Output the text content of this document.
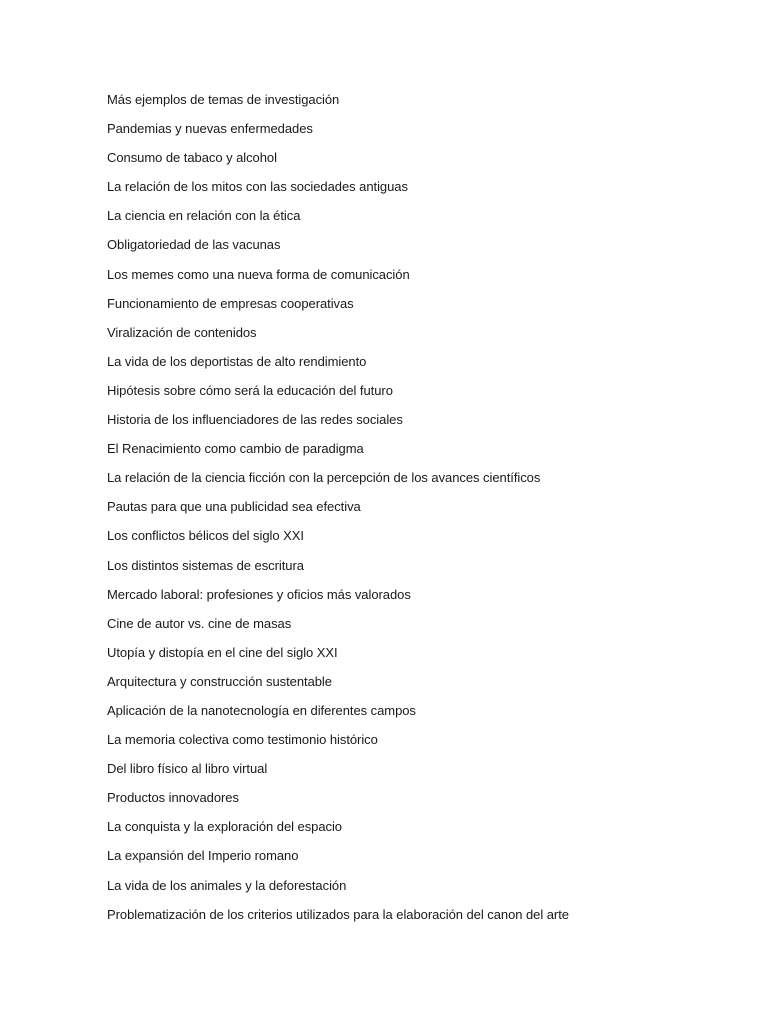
Más ejemplos de temas de investigación
Pandemias y nuevas enfermedades
Consumo de tabaco y alcohol
La relación de los mitos con las sociedades antiguas
La ciencia en relación con la ética
Obligatoriedad de las vacunas
Los memes como una nueva forma de comunicación
Funcionamiento de empresas cooperativas
Viralización de contenidos
La vida de los deportistas de alto rendimiento
Hipótesis sobre cómo será la educación del futuro
Historia de los influenciadores de las redes sociales
El Renacimiento como cambio de paradigma
La relación de la ciencia ficción con la percepción de los avances científicos
Pautas para que una publicidad sea efectiva
Los conflictos bélicos del siglo XXI
Los distintos sistemas de escritura
Mercado laboral: profesiones y oficios más valorados
Cine de autor vs. cine de masas
Utopía y distopía en el cine del siglo XXI
Arquitectura y construcción sustentable
Aplicación de la nanotecnología en diferentes campos
La memoria colectiva como testimonio histórico
Del libro físico al libro virtual
Productos innovadores
La conquista y la exploración del espacio
La expansión del Imperio romano
La vida de los animales y la deforestación
Problematización de los criterios utilizados para la elaboración del canon del arte
